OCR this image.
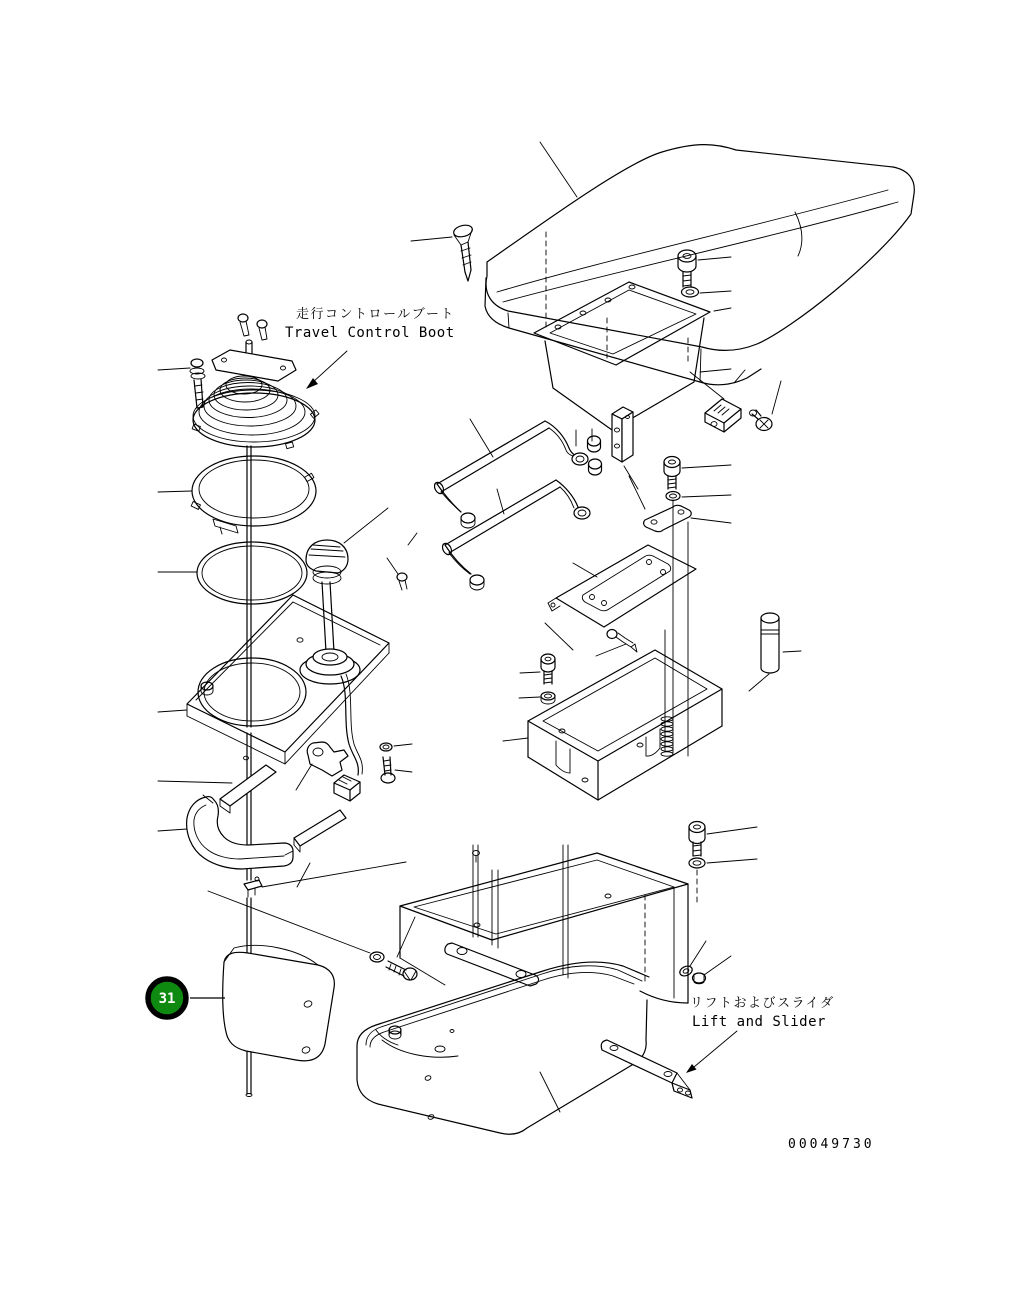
31
走行コントロールブート
Travel Control Boot
リフトおよびスライダ
Lift and Slider
00049730
